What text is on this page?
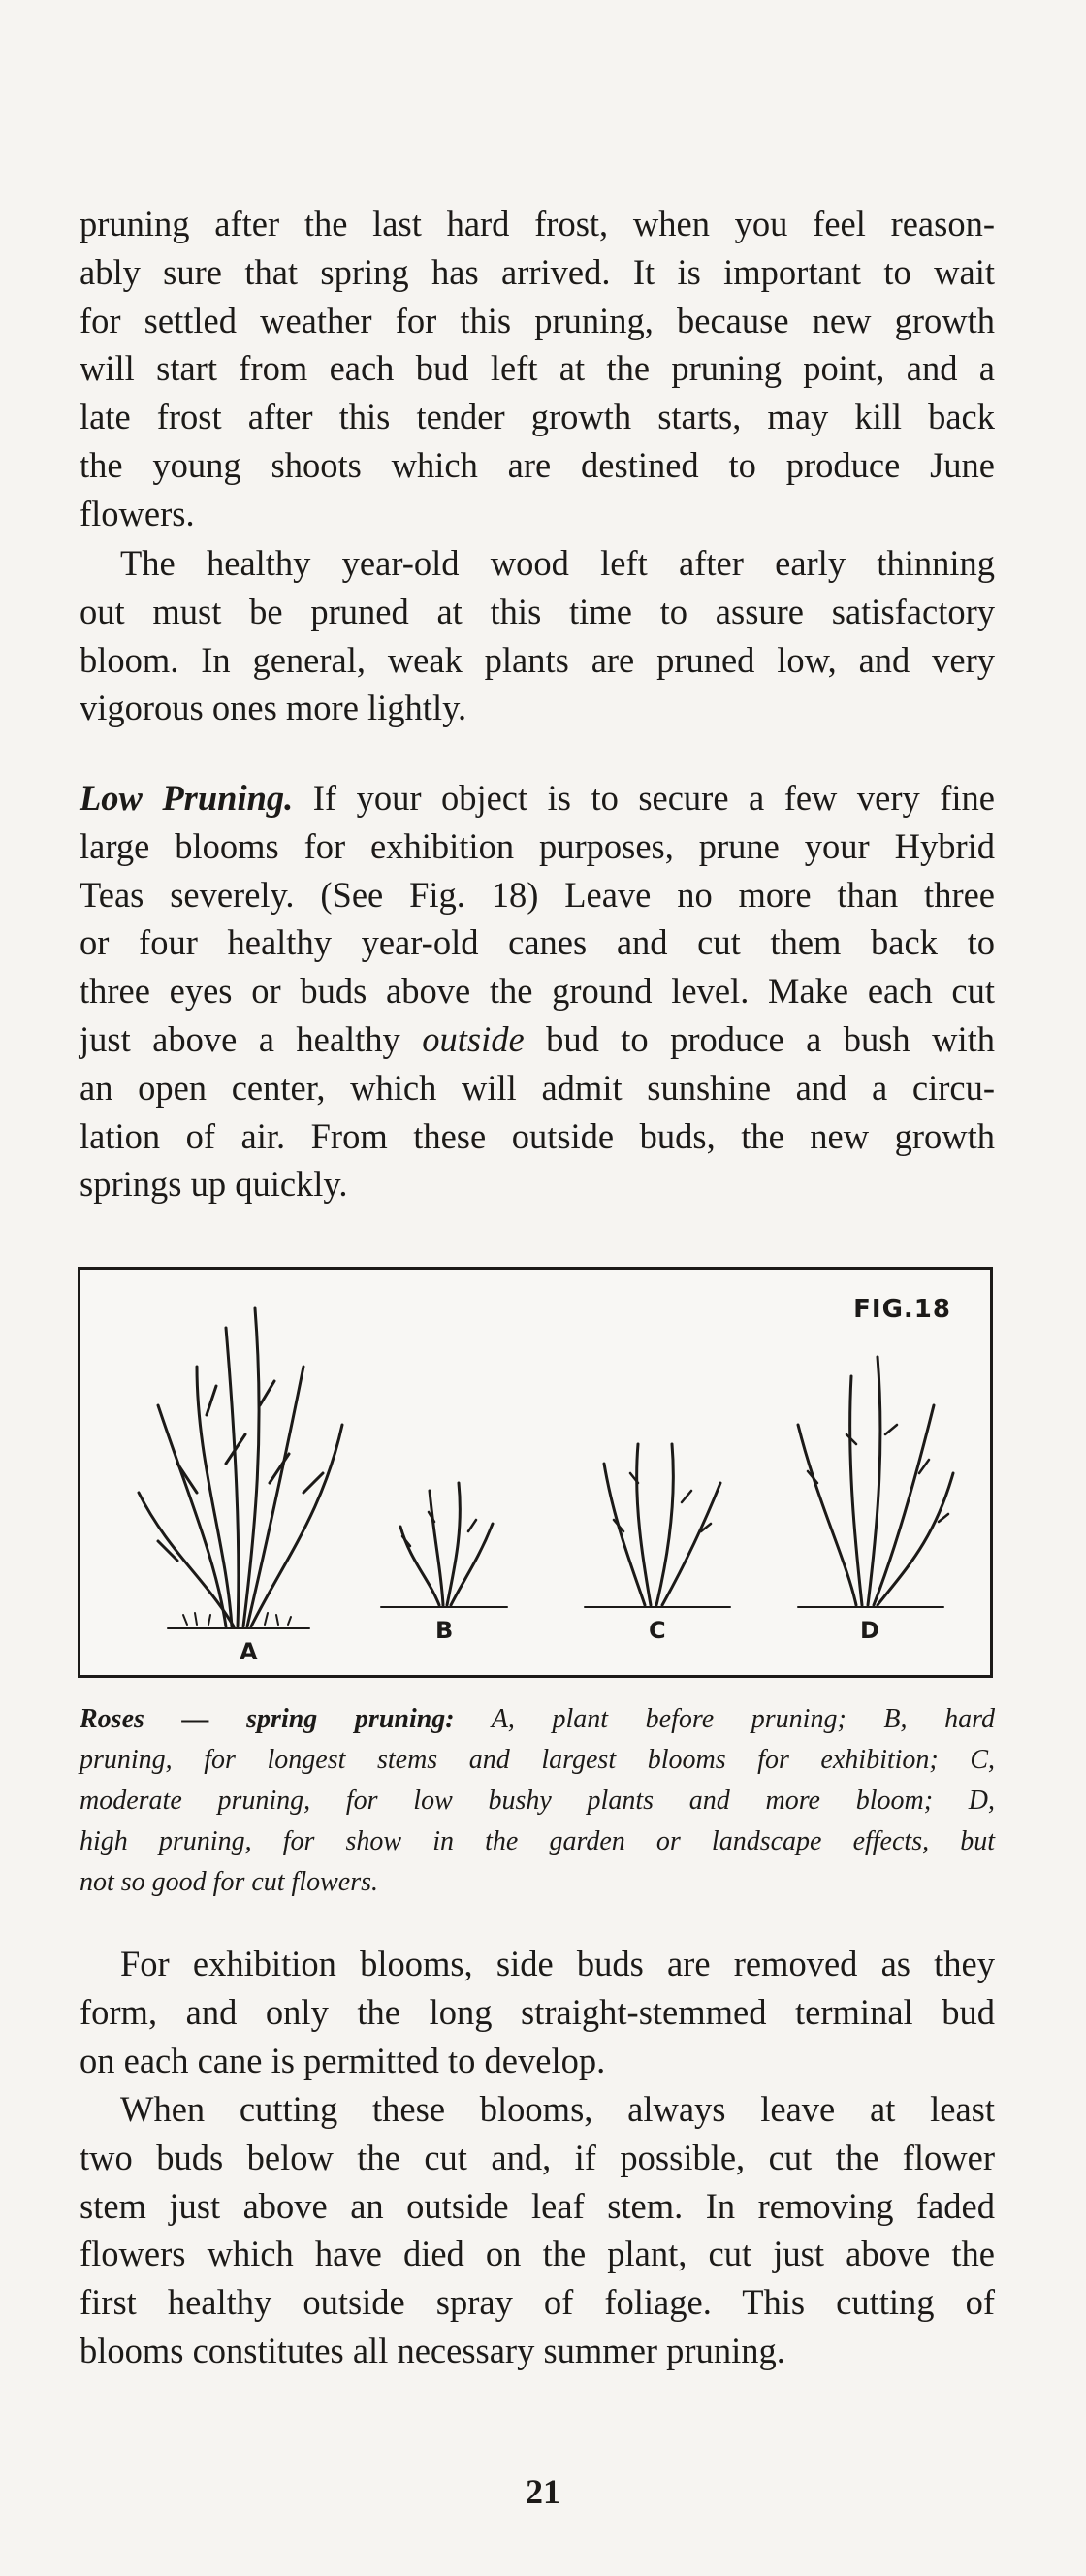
pruning after the last hard frost, when you feel reason-
ably sure that spring has arrived. It is important to wait
for settled weather for this pruning, because new growth
will start from each bud left at the pruning point, and a
late frost after this tender growth starts, may kill back
the young shoots which are destined to produce June
flowers.
The healthy year-old wood left after early thinning
out must be pruned at this time to assure satisfactory
bloom. In general, weak plants are pruned low, and very
vigorous ones more lightly.
Low Pruning. If your object is to secure a few very fine
large blooms for exhibition purposes, prune your Hybrid
Teas severely. (See Fig. 18) Leave no more than three
or four healthy year-old canes and cut them back to
three eyes or buds above the ground level. Make each cut
just above a healthy outside bud to produce a bush with
an open center, which will admit sunshine and a circu-
lation of air. From these outside buds, the new growth
springs up quickly.
FIG.18
A
B	C	D
Roses — spring pruning: A, plant before pruning; B, hard
pruning, for longest stems and largest blooms for exhibition; C,
moderate pruning, for low bushy plants and more bloom; D,
high pruning, for show in the garden or landscape effects, but
not so good for cut flowers.
For exhibition blooms, side buds are removed as they
form, and only the long straight-stemmed terminal bud
on each cane is permitted to develop.
When cutting these blooms, always leave at least
two buds below the cut and, if possible, cut the flower
stem just above an outside leaf stem. In removing faded
flowers which have died on the plant, cut just above the
first healthy outside spray of foliage. This cutting of
blooms constitutes all necessary summer pruning.
21
